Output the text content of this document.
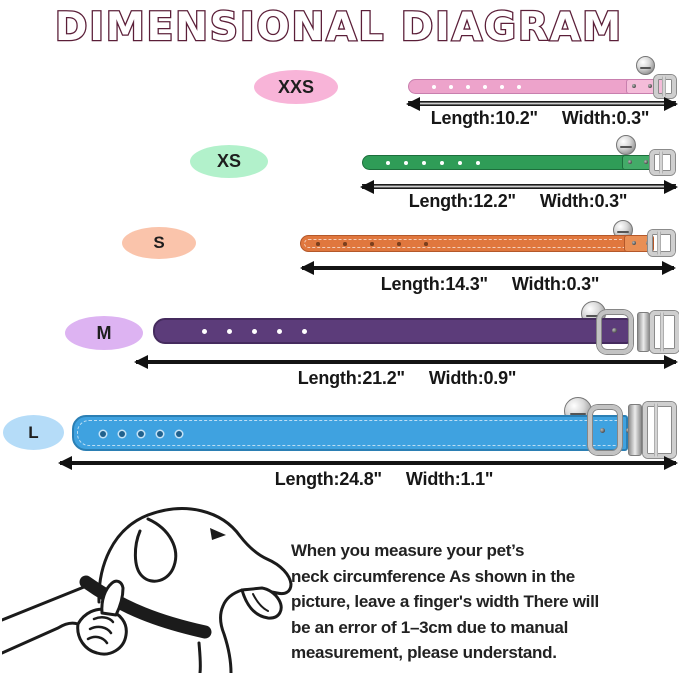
DIMENSIONAL DIAGRAM
XXS
Length:10.2" Width:0.3"
XS
Length:12.2" Width:0.3"
S
Length:14.3" Width:0.3"
M
Length:21.2" Width:0.9"
L
Length:24.8" Width:1.1"
When you measure your pet’s
neck circumference As shown in the
picture, leave a finger's width There will
be an error of 1–3cm due to manual
measurement, please understand.
